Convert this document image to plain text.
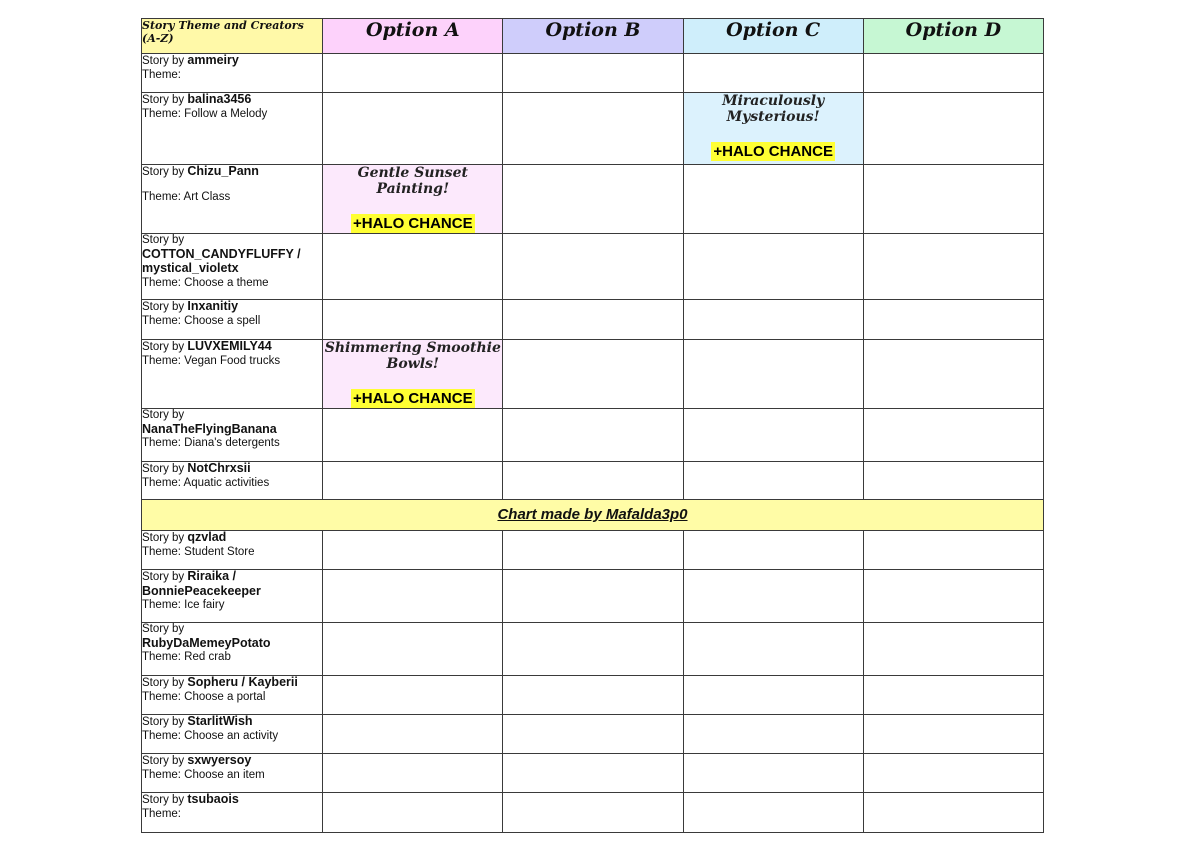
Story Theme and Creators (A-Z)	Option A	Option B	Option C	Option D
Story by ammeiry
Theme:				
Story by balina3456
Theme: Follow a Melody			Miraculously Mysterious!
+HALO CHANCE	
Story by Chizu_Pann

Theme: Art Class	Gentle Sunset Painting!
+HALO CHANCE			
Story by
COTTON_CANDYFLUFFY / mystical_violetx
Theme: Choose a theme				
Story by Inxanitiy
Theme: Choose a spell				
Story by LUVXEMILY44
Theme: Vegan Food trucks	Shimmering Smoothie Bowls!
+HALO CHANCE			
Story by
NanaTheFlyingBanana
Theme: Diana's detergents				
Story by NotChrxsii
Theme: Aquatic activities				
Chart made by Mafalda3p0				
Story by qzvlad
Theme: Student Store				
Story by Riraika / BonniePeacekeeper
Theme: Ice fairy				
Story by
RubyDaMemeyPotato
Theme: Red crab				
Story by Sopheru / Kayberii
Theme: Choose a portal				
Story by StarlitWish
Theme: Choose an activity				
Story by sxwyersoy
Theme: Choose an item				
Story by tsubaois
Theme:				
